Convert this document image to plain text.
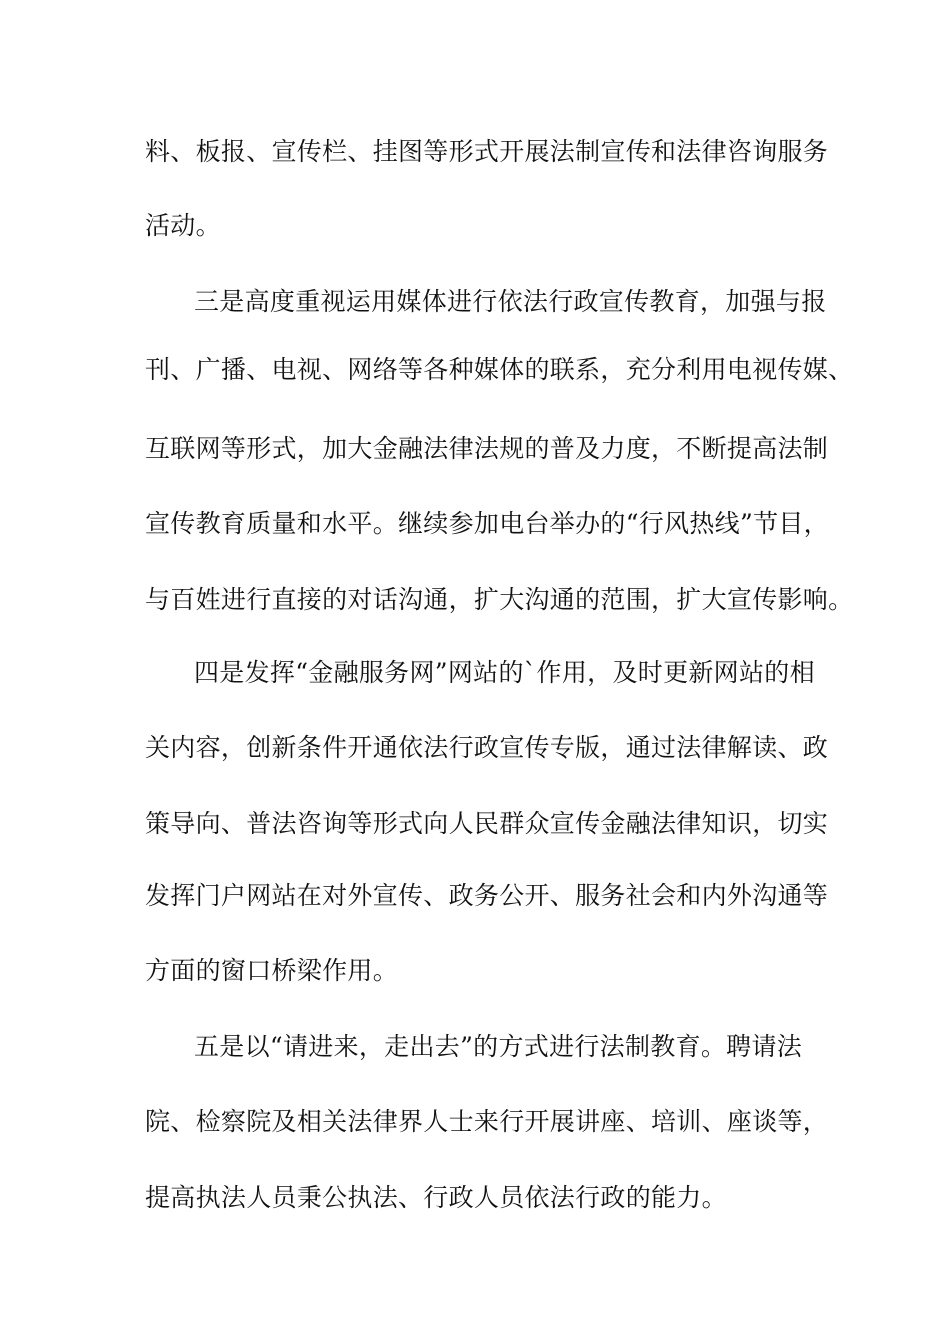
料、板报、宣传栏、挂图等形式开展法制宣传和法律咨询服务
活动。
三是高度重视运用媒体进行依法行政宣传教育，加强与报
刊、广播、电视、网络等各种媒体的联系，充分利用电视传媒、
互联网等形式，加大金融法律法规的普及力度，不断提高法制
宣传教育质量和水平。继续参加电台举办的“行风热线”节目，
与百姓进行直接的对话沟通，扩大沟通的范围，扩大宣传影响。
四是发挥“金融服务网”网站的`作用，及时更新网站的相
关内容，创新条件开通依法行政宣传专版，通过法律解读、政
策导向、普法咨询等形式向人民群众宣传金融法律知识，切实
发挥门户网站在对外宣传、政务公开、服务社会和内外沟通等
方面的窗口桥梁作用。
五是以“请进来，走出去”的方式进行法制教育。聘请法
院、检察院及相关法律界人士来行开展讲座、培训、座谈等，
提高执法人员秉公执法、行政人员依法行政的能力。
